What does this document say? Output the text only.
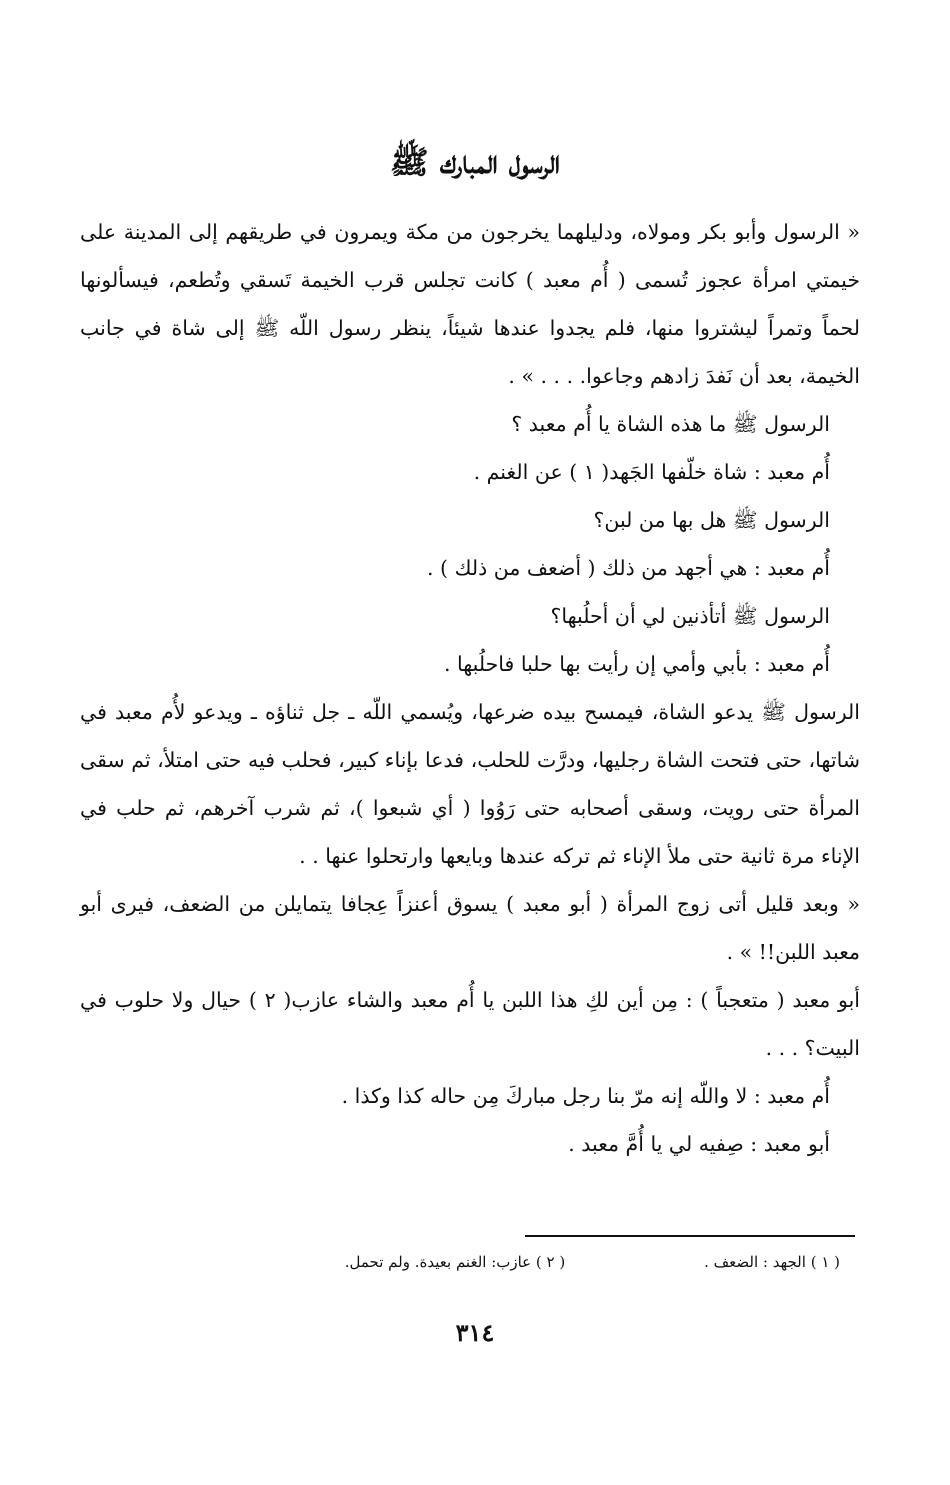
الرسول المبارك ﷺ

« الرسول وأبو بكر ومولاه، ودليلهما يخرجون من مكة ويمرون في طريقهم إلى المدينة على خيمتي امرأة عجوز تُسمى ( أُم معبد ) كانت تجلس قرب الخيمة تَسقي وتُطعم، فيسألونها لحماً وتمراً ليشتروا منها، فلم يجدوا عندها شيئاً، ينظر رسول اللّه ﷺ إلى شاة في جانب الخيمة، بعد أن نَفدَ زادهم وجاعوا. . . . » .

الرسول ﷺ ما هذه الشاة يا أُم معبد ؟

أُم معبد : شاة خلّفها الجَهد( ١ ) عن الغنم .

الرسول ﷺ هل بها من لبن؟

أُم معبد : هي أجهد من ذلك ( أضعف من ذلك ) .

الرسول ﷺ أتأذنين لي أن أحلُبها؟

أُم معبد : بأبي وأمي إن رأيت بها حلبا فاحلُبها .

الرسول ﷺ يدعو الشاة، فيمسح بيده ضرعها، ويُسمي اللّه ـ جل ثناؤه ـ ويدعو لأُم معبد في شاتها، حتى فتحت الشاة رجليها، ودرَّت للحلب، فدعا بإناء كبير، فحلب فيه حتى امتلأ، ثم سقى المرأة حتى رويت، وسقى أصحابه حتى رَوُوا ( أي شبعوا )، ثم شرب آخرهم، ثم حلب في الإناء مرة ثانية حتى ملأ الإناء ثم تركه عندها وبايعها وارتحلوا عنها . .

« وبعد قليل أتى زوج المرأة ( أبو معبد ) يسوق أعنزاً عِجافا يتمايلن من الضعف، فيرى أبو معبد اللبن!! » .

أبو معبد ( متعجباً ) : مِن أين لكِ هذا اللبن يا أُم معبد والشاء عازب( ٢ ) حيال ولا حلوب في البيت؟ . . .

أُم معبد : لا واللّه إنه مرّ بنا رجل مباركَ مِن حاله كذا وكذا .

أبو معبد : صِفيه لي يا أُمَّ معبد .

( ١ ) الجهد : الضعف . ( ٢ ) عازب: الغنم بعيدة. ولم تحمل.
٣١٤
